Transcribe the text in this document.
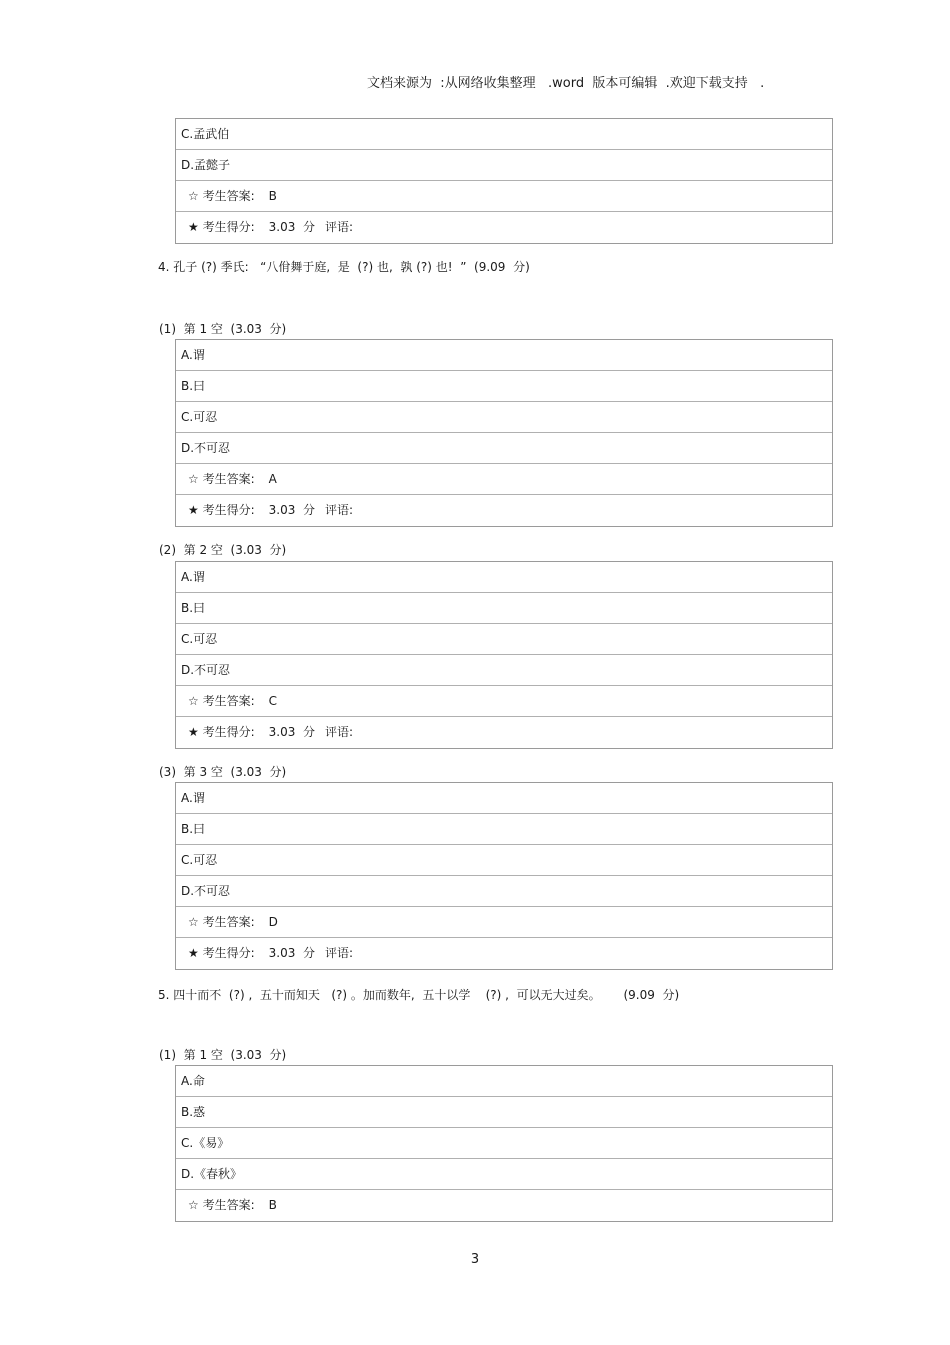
文档来源为  :从网络收集整理   .word  版本可编辑  .欢迎下载支持   .
C.孟武伯
D.孟懿子
☆ 考生答案: B
★ 考生得分: 3.03  分 评语:
4. 孔子 (?) 季氏:   “八佾舞于庭,  是  (?) 也,  孰 (?) 也!  ”  (9.09  分)
(1)  第 1 空  (3.03  分)
A.谓
B.曰
C.可忍
D.不可忍
☆ 考生答案: A
★ 考生得分: 3.03  分 评语:
(2)  第 2 空  (3.03  分)
A.谓
B.曰
C.可忍
D.不可忍
☆ 考生答案: C
★ 考生得分: 3.03  分 评语:
(3)  第 3 空  (3.03  分)
A.谓
B.曰
C.可忍
D.不可忍
☆ 考生答案: D
★ 考生得分: 3.03  分 评语:
5. 四十而不  (?) ,  五十而知天   (?) 。加而数年,  五十以学    (?) ,  可以无大过矣。      (9.09  分)
(1)  第 1 空  (3.03  分)
A.命
B.惑
C.《易》
D.《春秋》
☆ 考生答案: B
3
